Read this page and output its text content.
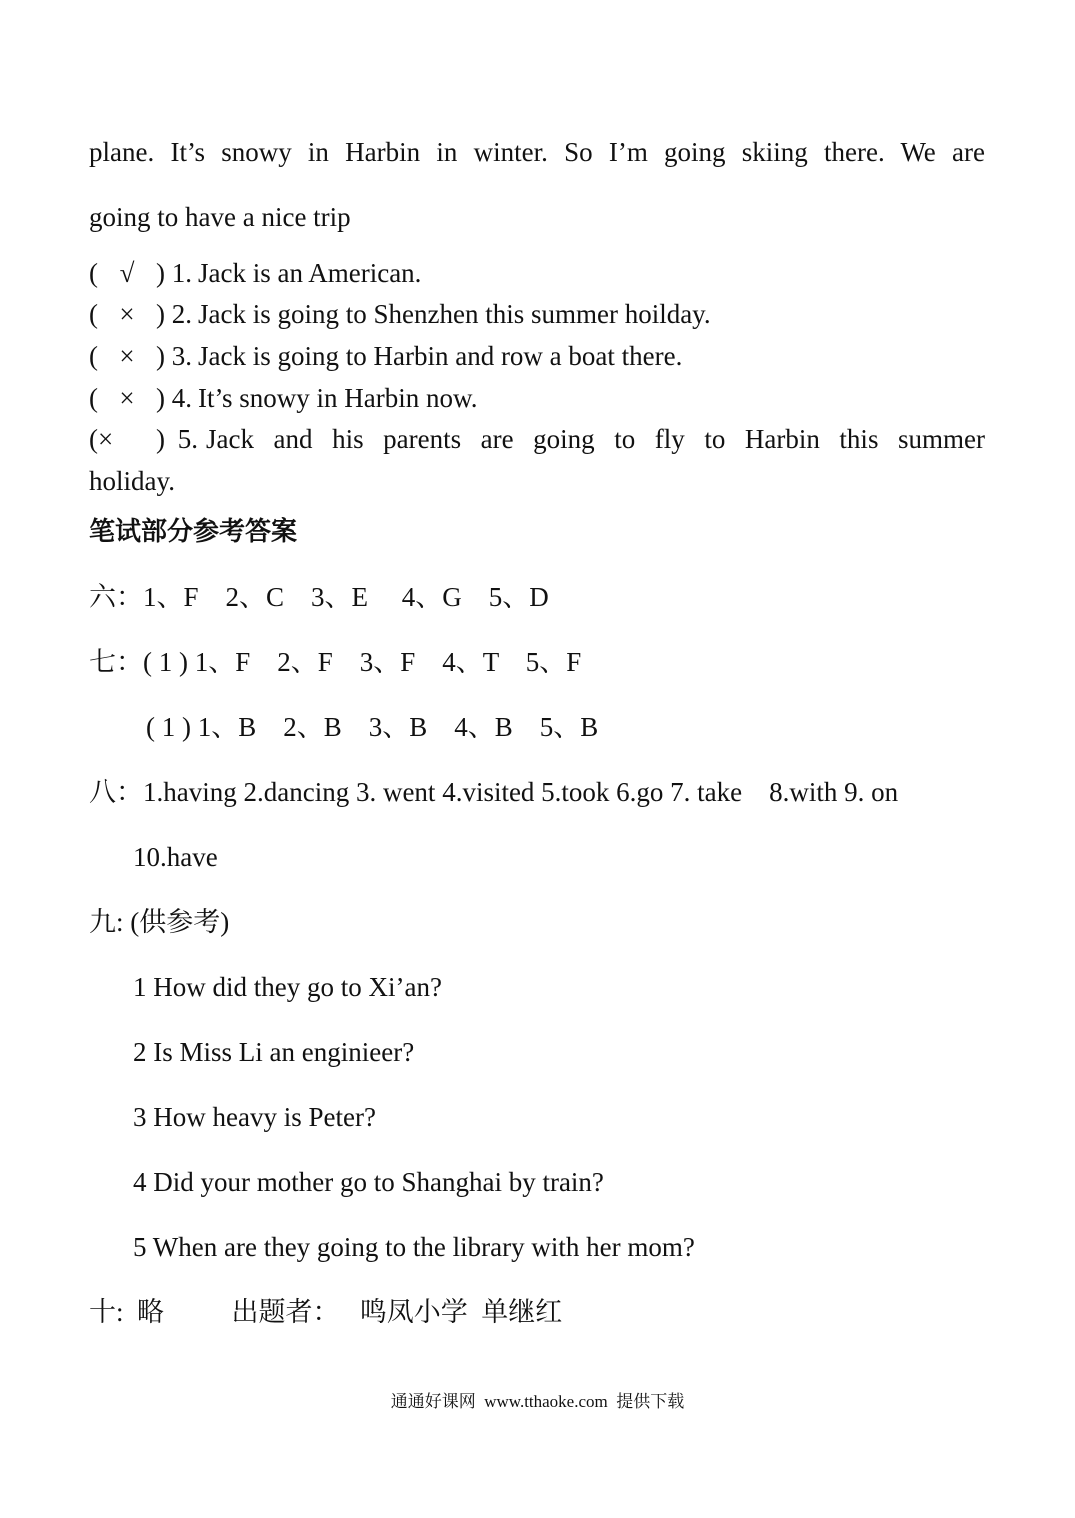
plane. It’s snowy in Harbin in winter. So I’m going skiing there. We are

going to have a nice trip

( √ ) 1. Jack is an American.
( × ) 2. Jack is going to Shenzhen this summer hoilday.
( × ) 3. Jack is going to Harbin and row a boat there.
( × ) 4. It’s snowy in Harbin now.
( × ) 5. Jack and his parents are going to fly to Harbin this summer

holiday.

笔试部分参考答案

六：1、F    2、C    3、E     4、G    5、D

七：( 1 ) 1、F    2、F    3、F    4、T    5、F

( 1 ) 1、B    2、B    3、B    4、B    5、B

八：1.having 2.dancing 3. went 4.visited 5.took 6.go 7. take    8.with 9. on

10.have

九: (供参考)

1 How did they go to Xi’an?

2 Is Miss Li an enginieer?

3 How heavy is Peter?

4 Did your mother go to Shanghai by train?

5 When are they going to the library with her mom?

十:  略          出题者：   鸣凤小学  单继红

通通好课网  www.tthaoke.com  提供下载
